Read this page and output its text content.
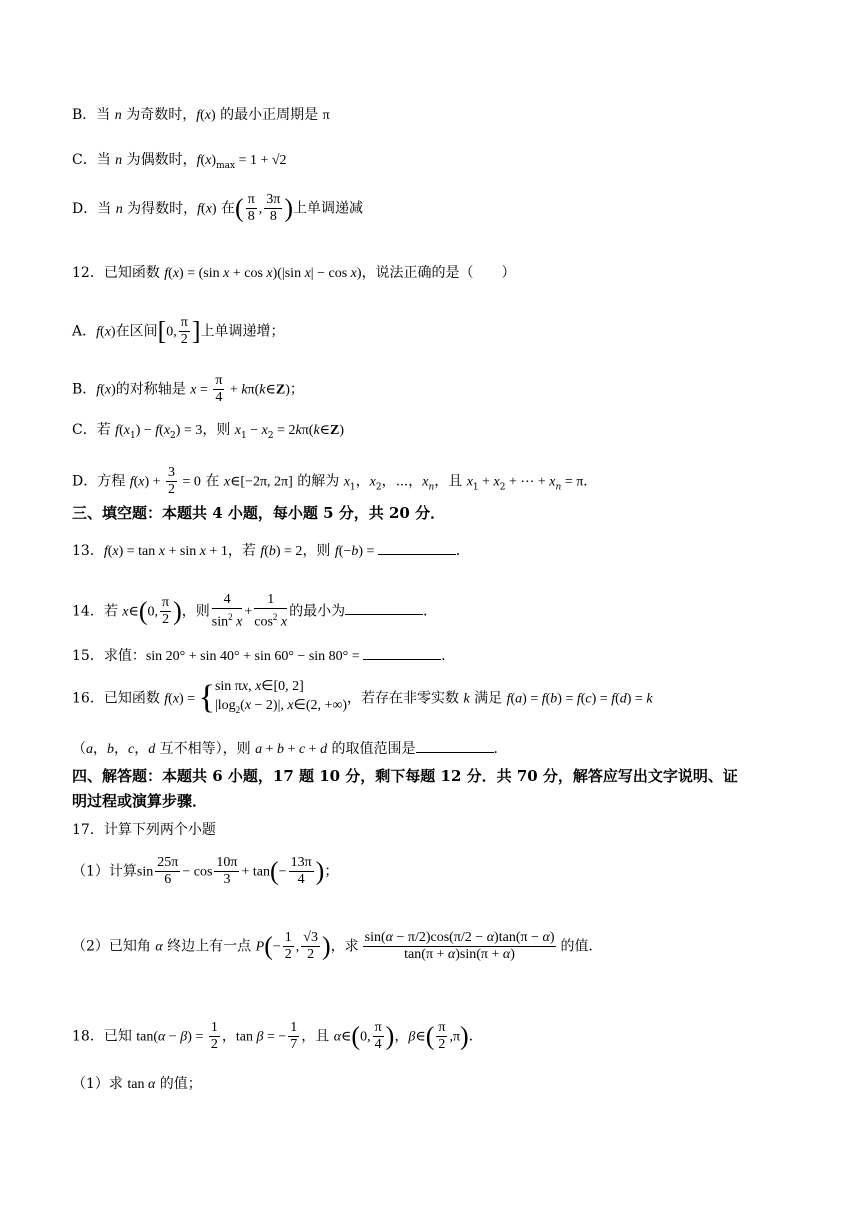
B．当 n 为奇数时，f(x) 的最小正周期是 π
C．当 n 为偶数时，$f(x)_{max} = 1 + √2$
D．当 n 为得数时，f(x) 在( $\frac{\pi}{8}$ , $\frac{3\pi}{8}$ )上单调递减
12．已知函数 f(x) = (sin x + cos x)(|sin x| − cos x)，说法正确的是（　　）
A．f(x)在区间[0, $\frac{\pi}{2}$ ]上单调递增；
B．f(x)的对称轴是 $x = \frac{\pi}{4}$ + kπ(k∈Z)；
C．若 $f(x_1) - f(x_2) = 3$，则 $x_1 - x_2$ = 2kπ(k∈Z)
D．方程 $f(x) + \frac{3}{2} = 0$ 在 x∈[−2π, 2π] 的解为 $x_1$，$x_2$，⋯，$x_n$，且 $x_1 + x_2$ + ⋯ + $x_n = \pi$．
三、填空题：本题共 4 小题，每小题 5 分，共 20 分．
13．f(x) = tan x + sin x + 1，若 f(b) = 2，则 f(−b) =	．
14．若 x∈(0, $\frac{\pi}{2}$ )，则 $\frac{4}{\sin^2 x} + \frac{1}{\cos^2 x}$ 的最小为	．
15．求值：sin 20° + sin 40° + sin 60° − sin 80° =	．
16．已知函数 f(x) = { sin πx, x∈[0, 2]
$|\log_2(x - 2)|$, x∈(2, +∞) ，若存在非零实数 k 满足 f(a) = f(b) = f(c) = f(d) = k
（a，b，c，d 互不相等），则 a + b + c + d 的取值范围是	．
四、解答题：本题共 6 小题，17 题 10 分，剩下每题 12 分．共 70 分，解答应写出文字说明、证
明过程或演算步骤．
17．计算下列两个小题
（1）计算$\sin \frac{25\pi}{6} - \cos \frac{10\pi}{3} + \tan(- \frac{13\pi}{4}$ )；
（2）已知角 α 终边上有一点 $P(- \frac{1}{2}$ , $\frac{√3}{2}$ )，求 $\frac{\sin(\alpha - \pi/2)\cos(\pi/2 - \alpha)\tan(\pi - \alpha)}{\tan(\pi + \alpha)\sin(\pi + \alpha)}$ 的值．
18．已知 $\tan(\alpha - \beta) = \frac{1}{2}$ ，tan β = − $\frac{1}{7}$ ，且 α∈(0, $\frac{\pi}{4}$ )，β∈( $\frac{\pi}{2} ,\pi$)．
（1）求 tan α 的值；
